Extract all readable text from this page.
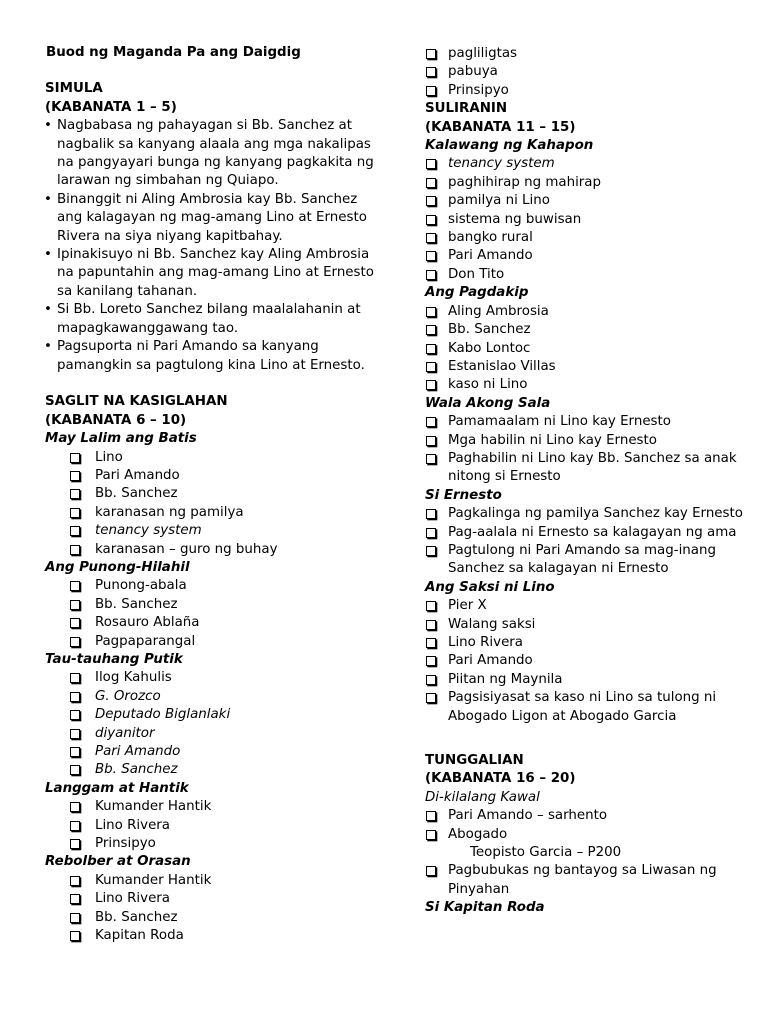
Buod ng Maganda Pa ang Daigdig
SIMULA
(KABANATA 1 – 5)
• Nagbabasa ng pahayagan si Bb. Sanchez at nagbalik sa kanyang alaala ang mga nakalipas na pangyayari bunga ng kanyang pagkakita ng larawan ng simbahan ng Quiapo.
• Binanggit ni Aling Ambrosia kay Bb. Sanchez ang kalagayan ng mag-amang Lino at Ernesto Rivera na siya niyang kapitbahay.
• Ipinakisuyo ni Bb. Sanchez kay Aling Ambrosia na papuntahin ang mag-amang Lino at Ernesto sa kanilang tahanan.
• Si Bb. Loreto Sanchez bilang maalalahanin at mapagkawanggawang tao.
• Pagsuporta ni Pari Amando sa kanyang pamangkin sa pagtulong kina Lino at Ernesto.
SAGLIT NA KASIGLAHAN
(KABANATA 6 – 10)
May Lalim ang Batis
Lino
Pari Amando
Bb. Sanchez
karanasan ng pamilya
tenancy system
karanasan – guro ng buhay
Ang Punong-Hilahil
Punong-abala
Bb. Sanchez
Rosauro Ablaña
Pagpaparangal
Tau-tauhang Putik
Ilog Kahulis
G. Orozco
Deputado Biglanlaki
diyanitor
Pari Amando
Bb. Sanchez
Langgam at Hantik
Kumander Hantik
Lino Rivera
Prinsipyo
Rebolber at Orasan
Kumander Hantik
Lino Rivera
Bb. Sanchez
Kapitan Roda
pagliligtas
pabuya
Prinsipyo
SULIRANIN
(KABANATA 11 – 15)
Kalawang ng Kahapon
tenancy system
paghihirap ng mahirap
pamilya ni Lino
sistema ng buwisan
bangko rural
Pari Amando
Don Tito
Ang Pagdakip
Aling Ambrosia
Bb. Sanchez
Kabo Lontoc
Estanislao Villas
kaso ni Lino
Wala Akong Sala
Pamamaalam ni Lino kay Ernesto
Mga habilin ni Lino kay Ernesto
Paghabilin ni Lino kay Bb. Sanchez sa anak nitong si Ernesto
Si Ernesto
Pagkalinga ng pamilya Sanchez kay Ernesto
Pag-aalala ni Ernesto sa kalagayan ng ama
Pagtulong ni Pari Amando sa mag-inang Sanchez sa kalagayan ni Ernesto
Ang Saksi ni Lino
Pier X
Walang saksi
Lino Rivera
Pari Amando
Piitan ng Maynila
Pagsisiyasat sa kaso ni Lino sa tulong ni Abogado Ligon at Abogado Garcia
TUNGGALIAN
(KABANATA 16 – 20)
Di-kilalang Kawal
Pari Amando – sarhento
Abogado
Teopisto Garcia – P200
Pagbubukas ng bantayog sa Liwasan ng Pinyahan
Si Kapitan Roda
